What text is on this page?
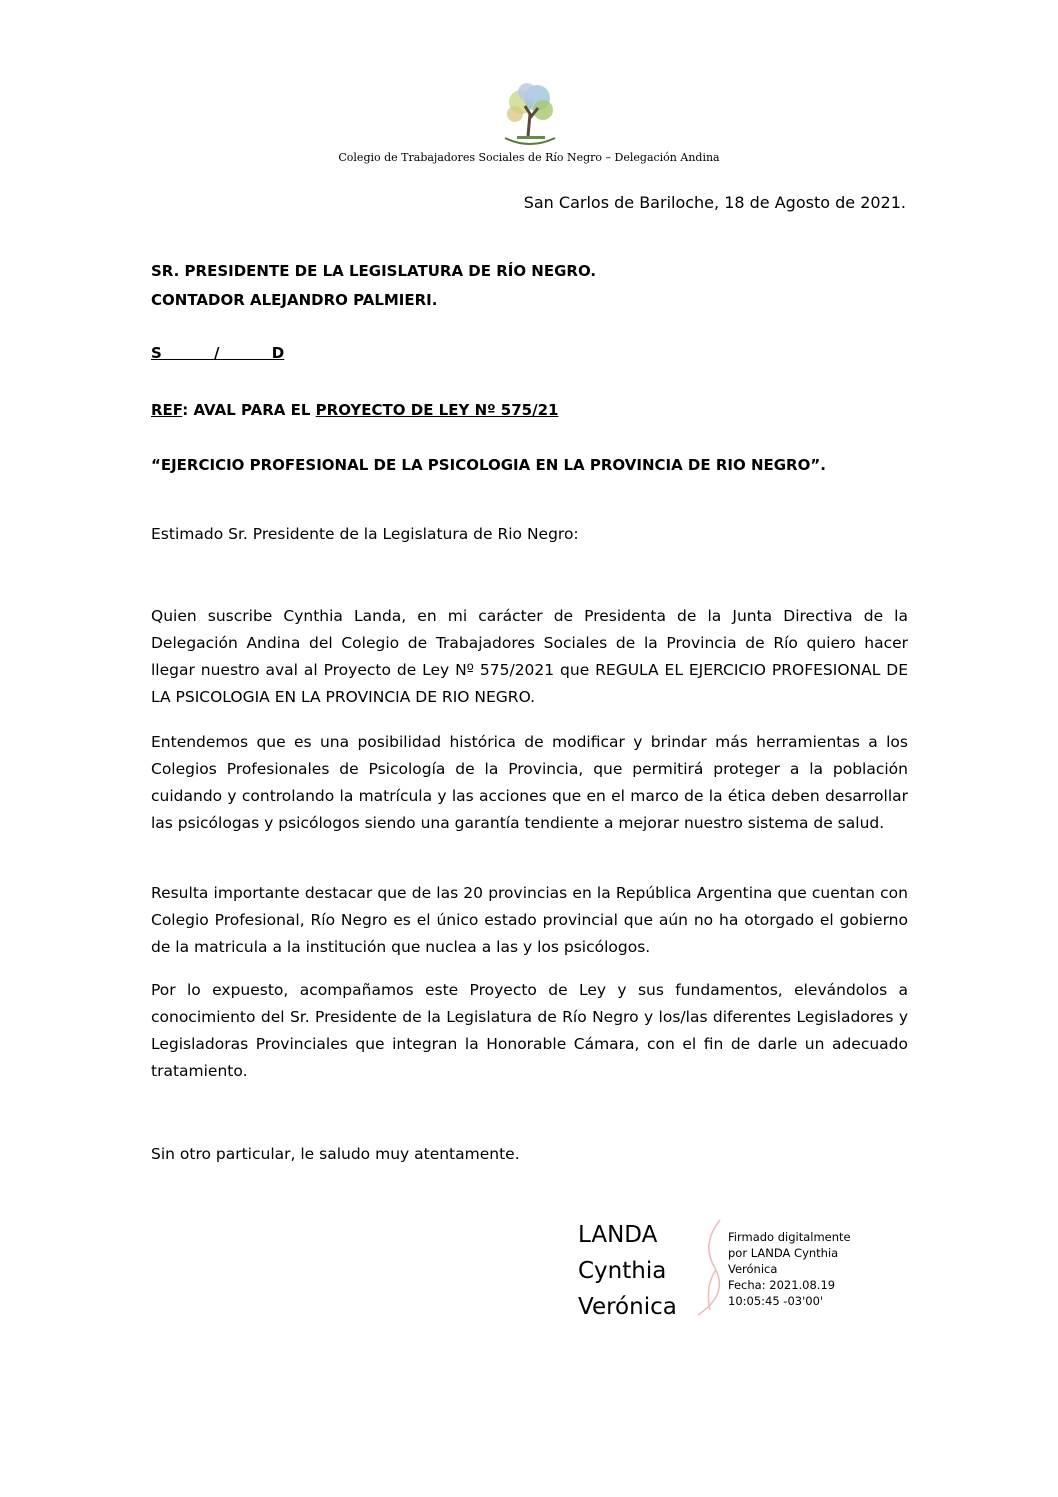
Colegio de Trabajadores Sociales de Río Negro – Delegación Andina
San Carlos de Bariloche, 18 de Agosto de 2021.
SR. PRESIDENTE DE LA LEGISLATURA DE RÍO NEGRO.
CONTADOR ALEJANDRO PALMIERI.
S          /          D
REF: AVAL PARA EL PROYECTO DE LEY Nº 575/21
“EJERCICIO PROFESIONAL DE LA PSICOLOGIA EN LA PROVINCIA DE RIO NEGRO”.
Estimado Sr. Presidente de la Legislatura de Rio Negro:
Quien suscribe Cynthia Landa, en mi carácter de Presidenta de la Junta Directiva de la Delegación Andina del Colegio de Trabajadores Sociales de la Provincia de Río quiero hacer llegar nuestro aval al Proyecto de Ley Nº 575/2021 que REGULA EL EJERCICIO PROFESIONAL DE LA PSICOLOGIA EN LA PROVINCIA DE RIO NEGRO.
Entendemos que es una posibilidad histórica de modificar y brindar más herramientas a los Colegios Profesionales de Psicología de la Provincia, que permitirá proteger a la población cuidando y controlando la matrícula y las acciones que en el marco de la ética deben desarrollar las psicólogas y psicólogos siendo una garantía tendiente a mejorar nuestro sistema de salud.
Resulta importante destacar que de las 20 provincias en la República Argentina que cuentan con Colegio Profesional, Río Negro es el único estado provincial que aún no ha otorgado el gobierno de la matricula a la institución que nuclea a las y los psicólogos.
Por lo expuesto, acompañamos este Proyecto de Ley y sus fundamentos, elevándolos a conocimiento del Sr. Presidente de la Legislatura de Río Negro y los/las diferentes Legisladores y Legisladoras Provinciales que integran la Honorable Cámara, con el fin de darle un adecuado tratamiento.
Sin otro particular, le saludo muy atentamente.
LANDA
Cynthia
Verónica
Firmado digitalmente
por LANDA Cynthia
Verónica
Fecha: 2021.08.19
10:05:45 -03'00'
